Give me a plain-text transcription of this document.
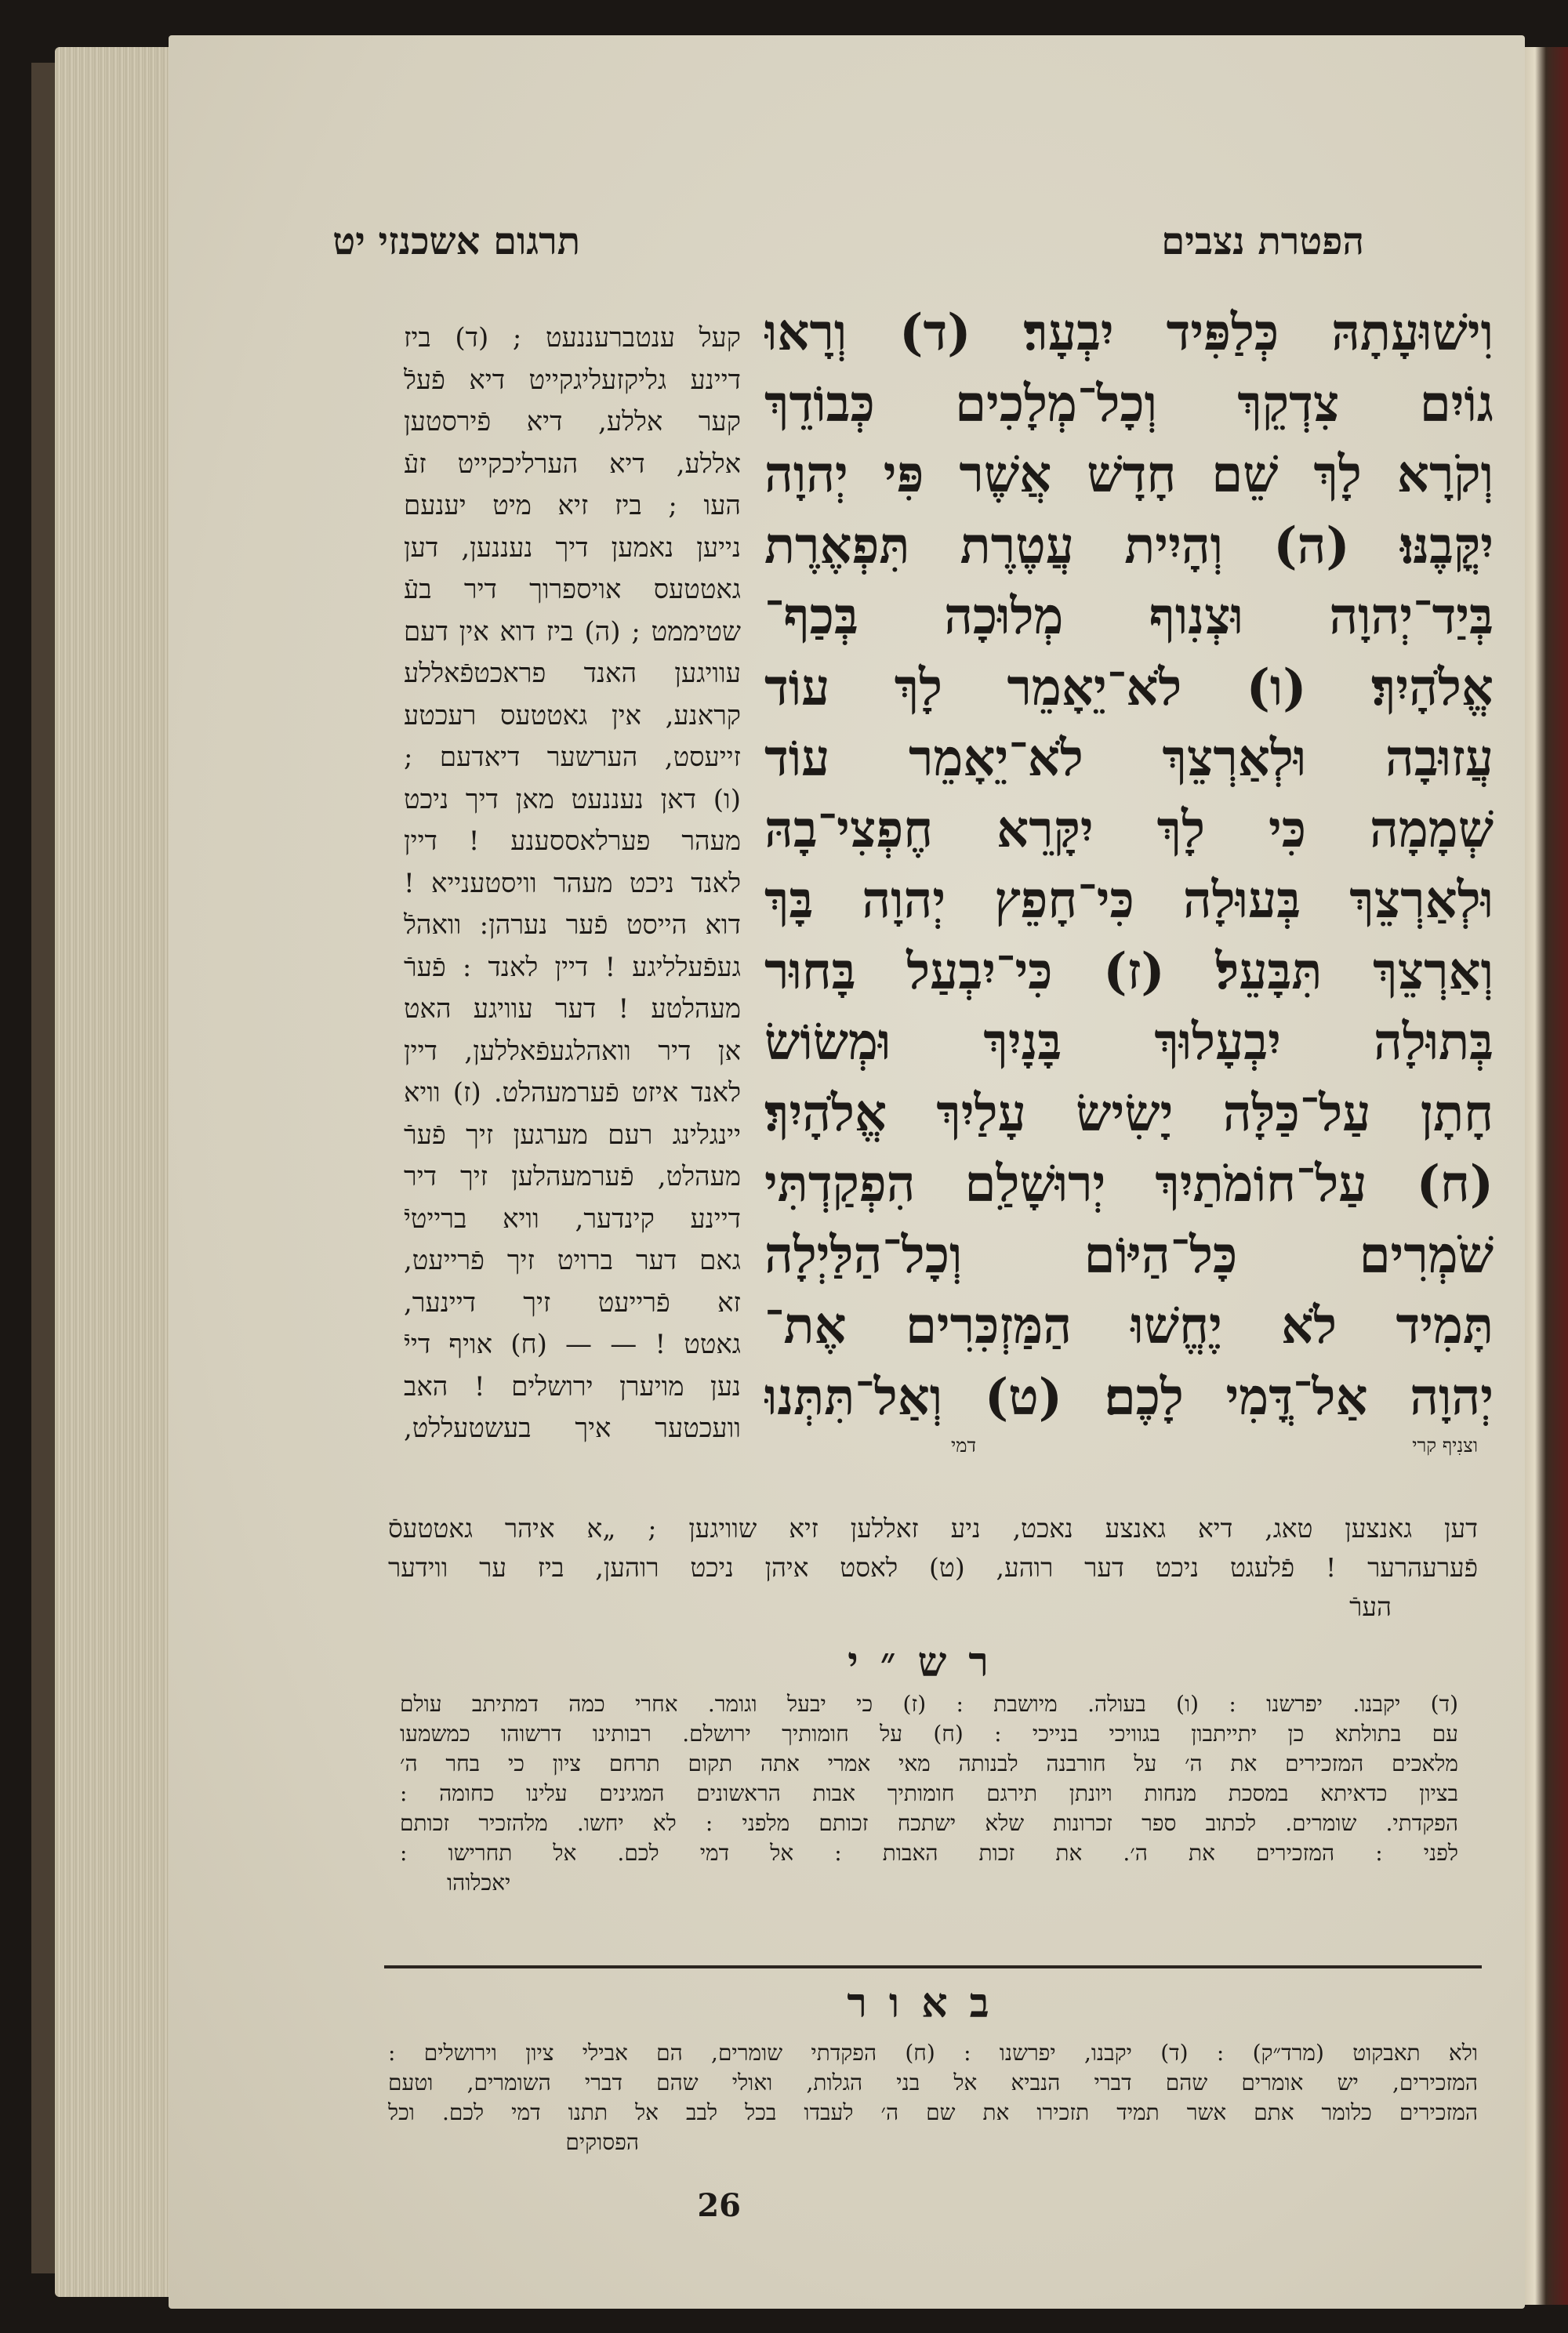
הפטרת נצבים
תרגום אשכנזי יט
וִישׁוּעָתָהּ כְּלַפִּיד יִבְעָר׃ (ד) וְרָאוּ
גוֹיִם צִדְקֵךְ וְכָל־מְלָכִים כְּבוֹדֵךְ
וְקֹרָא לָךְ שֵׁם חָדָשׁ אֲשֶׁר פִּי יְהוָה
יִקֳּבֶנּוּ׃ (ה) וְהָיִית עֲטֶרֶת תִּפְאֶרֶת
בְּיַד־יְהוָה וּצְנִוף מְלוּכָה בְּכַף־
אֱלֹהָיִךְ׃ (ו) לֹא־יֵאָמֵר לָךְ עוֹד
עֲזוּבָה וּלְאַרְצֵךְ לֹא־יֵאָמֵר עוֹד
שְׁמָמָה כִּי לָךְ יִקָּרֵא חֶפְצִי־בָהּ
וּלְאַרְצֵךְ בְּעוּלָה כִּי־חָפֵץ יְהוָה בָּךְ
וְאַרְצֵךְ תִּבָּעֵל׃ (ז) כִּי־יִבְעַל בָּחוּר
בְּתוּלָה יִבְעָלוּךְ בָּנָיִךְ וּמְשׂוֹשׂ
חָתָן עַל־כַּלָּה יָשִׂישׂ עָלַיִךְ אֱלֹהָיִךְ׃
(ח) עַל־חוֹמֹתַיִךְ יְרוּשָׁלִַם הִפְקַדְתִּי
שֹׁמְרִים כָּל־הַיּוֹם וְכָל־הַלַּיְלָה
תָּמִיד לֹא יֶחֱשׁוּ הַמַּזְכִּרִים אֶת־
יְהוָה אַל־דֳּמִי לָכֶם׃ (ט) וְאַל־תִּתְּנוּ
וצנִיף קרי
דמי
קעל ענטברעננעט ; (ד) ביז
דיינע גליקזעליגקייט דיא פֿעלֿ
קער אללע, דיא פֿירסטען
אללע, דיא הערליכקייט זעֿ
העו ; ביז זיא מיט יענעם
נייען נאמען דיך נעננען, דען
גאטטעס אויספרוך דיר בעֿ
שטיממט ; (ה) ביז דוא אין דעם
עוויגען האנד פראכטפֿאללע
קראנע, אין גאטטעס רעכטע
זייעסט, הערשער דיאדעם ;
(ו) דאן נעננעט מאן דיך ניכט
מעהר פערלאססענע ! דיין
לאנד ניכט מעהר וויסטענייא !
דוא הייסט פֿער נערהן: וואהלֿ
געפֿעלליגע ! דיין לאנד : פֿערֿ
מעהלטע ! דער עוויגע האט
אן דיר וואהלגעפֿאללען, דיין
לאנד איזט פֿערמעהלט. (ז) וויא
יינגלינג רעם מערגען זיך פֿערֿ
מעהלט, פֿערמעהלען זיך דיר
דיינע קינדער, וויא ברייטיֿ
גאם דער ברויט זיך פֿרייעט,
זא פֿרייעט זיך דיינער,
גאטט ! — — (ח) אויף דייֿ
נען מויערן ירושלים ! האב
וועכטער איך בעשטעללט,
דען גאנצען טאג, דיא גאנצע נאכט, ניע זאללען זיא שוויגען ; „א איהר גאטטעסֿ
פֿערעהרער ! פֿלעגט ניכט דער רוהע, (ט) לאסט איהן ניכט רוהען, ביז ער ווידער
הערֿ
רש״י
(ד) יקבנו. יפרשנו : (ו) בעולה. מיושבת : (ז) כי יבעל וגומר. אחרי כמה דמתיתב עולם
עם בתולתא כן יתייתבון בגוויכי בנייכי : (ח) על חומותיך ירושלם. רבותינו דרשוהו כמשמעו
מלאכים המזכירים את ה׳ על חורבנה לבנותה מאי אמרי אתה תקום תרחם ציון כי בחר ה׳
בציון כדאיתא במסכת מנחות ויונתן תירגם חומותיך אבות הראשונים המגינים עלינו כחומה :
הפקדתי. שומרים. לכתוב ספר זכרונות שלא ישתכח זכותם מלפני : לא יחשו. מלהזכיר זכותם
לפני : המזכירים את ה׳. את זכות האבות : אל דמי לכם. אל תחרישו :
יאכלוהו
באור
ולא תאבקוט (מרד״ק) : (ד) יקבנו, יפרשנו : (ח) הפקדתי שומרים, הם אבילי ציון וירושלים :
המזכירים, יש אומרים שהם דברי הנביא אל בני הגלות, ואולי שהם דברי השומרים, וטעם
המזכירים כלומר אתם אשר תמיד תזכירו את שם ה׳ לעבדו בכל לבב אל תתנו דמי לכם. וכל
הפסוקים
26
